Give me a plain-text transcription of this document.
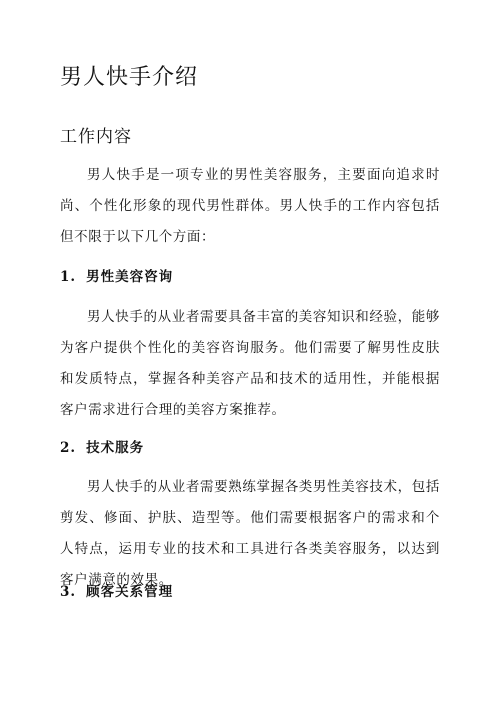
男人快手介绍
工作内容

男人快手是一项专业的男性美容服务，主要面向追求时尚、个性化形象的现代男性群体。男人快手的工作内容包括但不限于以下几个方面：

1. 男性美容咨询

男人快手的从业者需要具备丰富的美容知识和经验，能够为客户提供个性化的美容咨询服务。他们需要了解男性皮肤和发质特点，掌握各种美容产品和技术的适用性，并能根据客户需求进行合理的美容方案推荐。

2. 技术服务

男人快手的从业者需要熟练掌握各类男性美容技术，包括剪发、修面、护肤、造型等。他们需要根据客户的需求和个人特点，运用专业的技术和工具进行各类美容服务，以达到客户满意的效果。

3. 顾客关系管理
